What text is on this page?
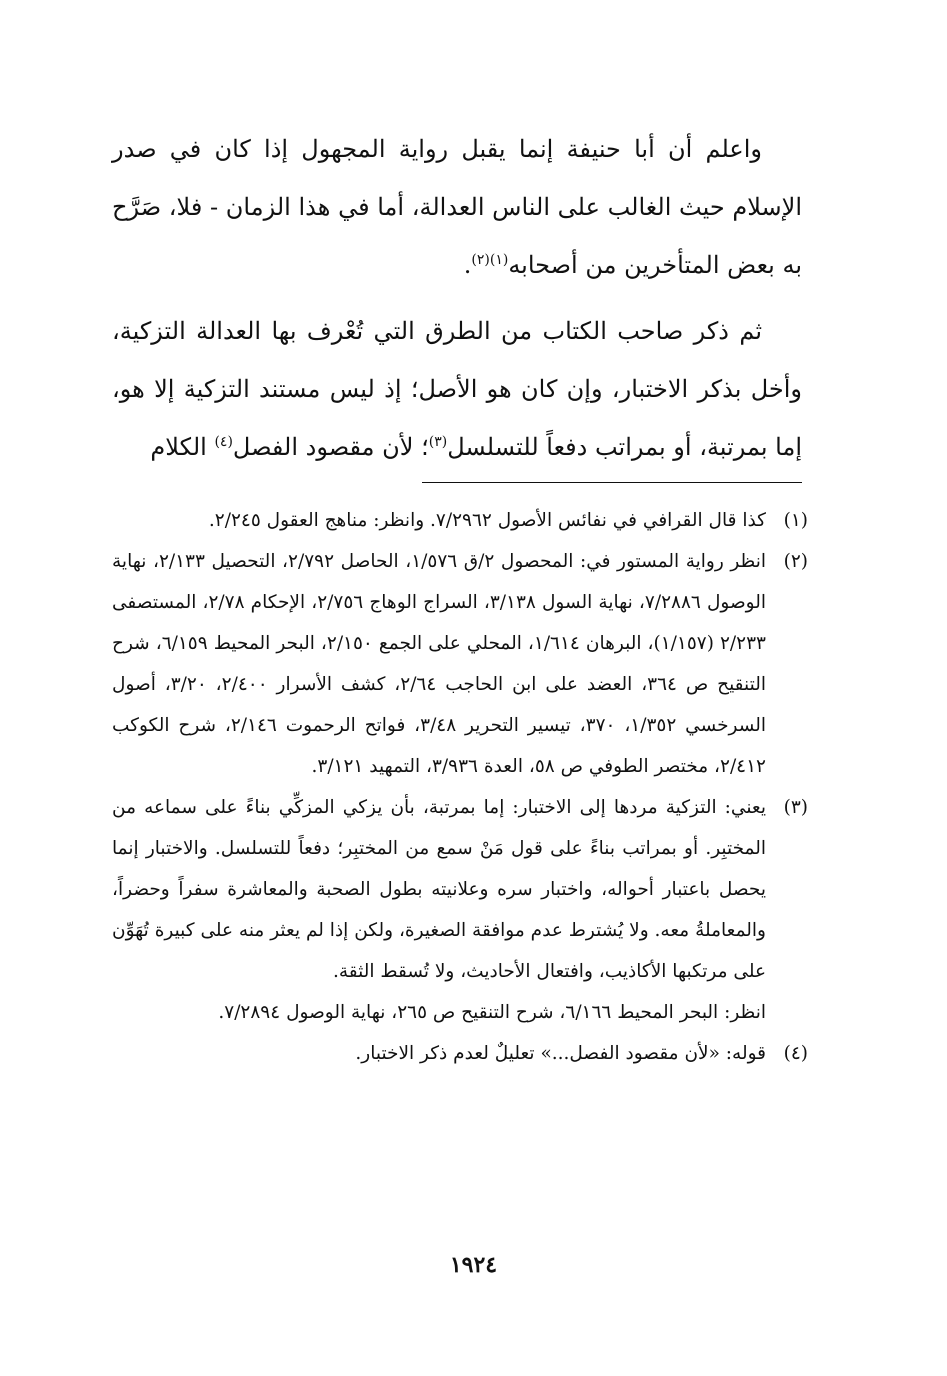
واعلم أن أبا حنيفة إنما يقبل رواية المجهول إذا كان في صدر الإسلام حيث الغالب على الناس العدالة، أما في هذا الزمان - فلا، صَرَّح به بعض المتأخرين من أصحابه$^{(١)(٢)}$.

ثم ذكر صاحب الكتاب من الطرق التي تُعْرف بها العدالة التزكية، وأخل بذكر الاختبار، وإن كان هو الأصل؛ إذ ليس مستند التزكية إلا هو، إما بمرتبة، أو بمراتب دفعاً للتسلسل$^{(٣)}$؛ لأن مقصود الفصل$^{(٤)}$ الكلام

(١)

كذا قال القرافي في نفائس الأصول ٧/٢٩٦٢. وانظر: مناهج العقول ٢/٢٤٥.

(٢)

انظر رواية المستور في: المحصول ٢/ق ١/٥٧٦، الحاصل ٢/٧٩٢، التحصيل ٢/١٣٣، نهاية الوصول ٧/٢٨٨٦، نهاية السول ٣/١٣٨، السراج الوهاج ٢/٧٥٦، الإحكام ٢/٧٨، المستصفى ٢/٢٣٣ (١/١٥٧)، البرهان ١/٦١٤، المحلي على الجمع ٢/١٥٠، البحر المحيط ٦/١٥٩، شرح التنقيح ص ٣٦٤، العضد على ابن الحاجب ٢/٦٤، كشف الأسرار ٢/٤٠٠، ٣/٢٠، أصول السرخسي ١/٣٥٢، ٣٧٠، تيسير التحرير ٣/٤٨، فواتح الرحموت ٢/١٤٦، شرح الكوكب ٢/٤١٢، مختصر الطوفي ص ٥٨، العدة ٣/٩٣٦، التمهيد ٣/١٢١.

(٣)

يعني: التزكية مردها إلى الاختبار: إما بمرتبة، بأن يزكي المزكِّي بناءً على سماعه من المختبِر. أو بمراتب بناءً على قول مَنْ سمع من المختبِر؛ دفعاً للتسلسل. والاختبار إنما يحصل باعتبار أحواله، واختبار سره وعلانيته بطول الصحبة والمعاشرة سفراً وحضراً، والمعاملةُ معه. ولا يُشترط عدم موافقة الصغيرة، ولكن إذا لم يعثر منه على كبيرة تُهَوِّن على مرتكبها الأكاذيب، وافتعال الأحاديث، ولا تُسقط الثقة.

انظر: البحر المحيط ٦/١٦٦، شرح التنقيح ص ٢٦٥، نهاية الوصول ٧/٢٨٩٤.

(٤)

قوله: «لأن مقصود الفصل...» تعليلٌ لعدم ذكر الاختبار.

١٩٢٤
